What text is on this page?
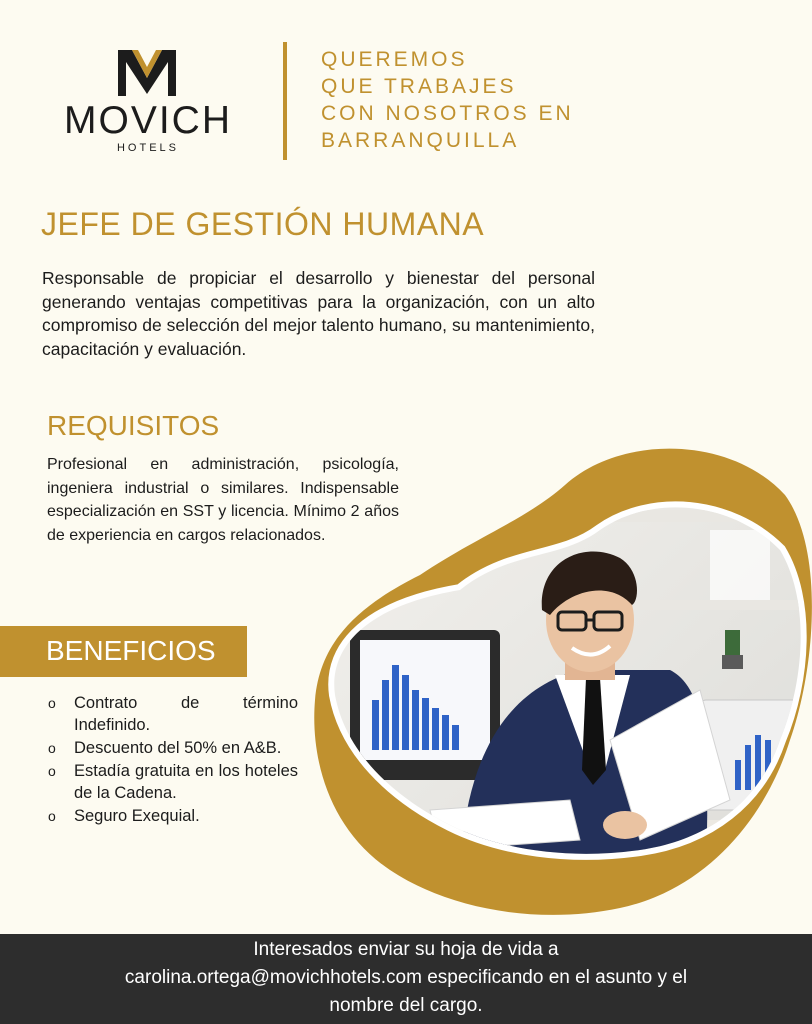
MOVICH
HOTELS
QUEREMOS
QUE TRABAJES
CON NOSOTROS EN
BARRANQUILLA
JEFE DE GESTIÓN HUMANA
Responsable de propiciar el desarrollo y bienestar del personal generando ventajas competitivas para la organización, con un alto compromiso de selección del mejor talento humano, su mantenimiento, capacitación y evaluación.
REQUISITOS
Profesional en administración, psicología, ingeniera industrial o similares. Indispensable especialización en SST y licencia. Mínimo 2 años de experiencia en cargos relacionados.
BENEFICIOS
o Contrato de término Indefinido.
o Descuento del 50% en A&B.
o Estadía gratuita en los hoteles de la Cadena.
o Seguro Exequial.
Interesados enviar su hoja de vida a
carolina.ortega@movichhotels.com especificando en el asunto y el
nombre del cargo.
